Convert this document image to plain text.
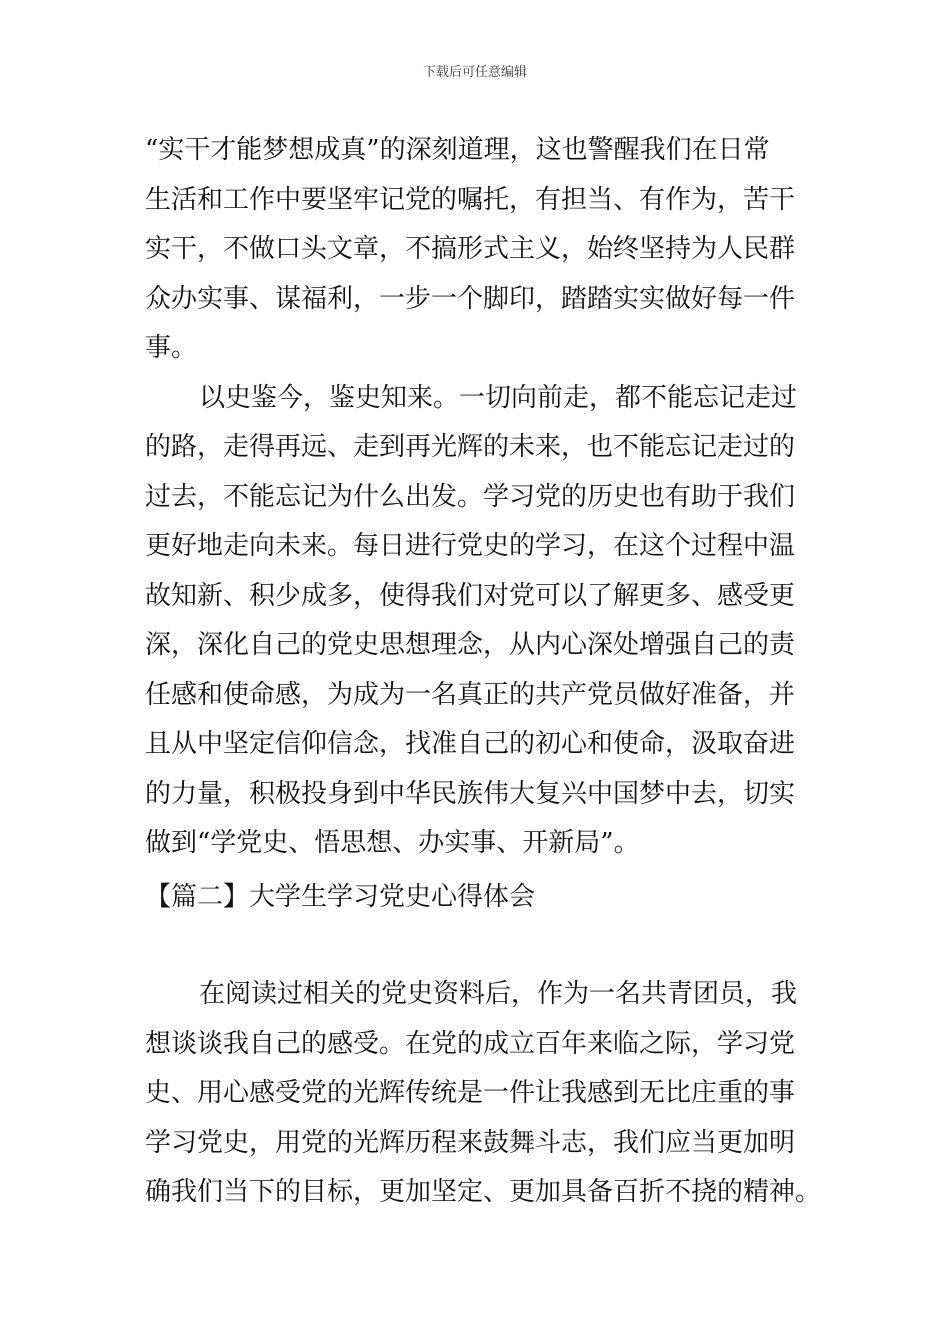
下载后可任意编辑
“实干才能梦想成真”的深刻道理，这也警醒我们在日常
生活和工作中要坚牢记党的嘱托，有担当、有作为，苦干
实干，不做口头文章，不搞形式主义，始终坚持为人民群
众办实事、谋福利，一步一个脚印，踏踏实实做好每一件
事。
以史鉴今，鉴史知来。一切向前走，都不能忘记走过
的路，走得再远、走到再光辉的未来，也不能忘记走过的
过去，不能忘记为什么出发。学习党的历史也有助于我们
更好地走向未来。每日进行党史的学习，在这个过程中温
故知新、积少成多，使得我们对党可以了解更多、感受更
深，深化自己的党史思想理念，从内心深处增强自己的责
任感和使命感，为成为一名真正的共产党员做好准备，并
且从中坚定信仰信念，找准自己的初心和使命，汲取奋进
的力量，积极投身到中华民族伟大复兴中国梦中去，切实
做到“学党史、悟思想、办实事、开新局”。
【篇二】大学生学习党史心得体会
在阅读过相关的党史资料后，作为一名共青团员，我
想谈谈我自己的感受。在党的成立百年来临之际，学习党
史、用心感受党的光辉传统是一件让我感到无比庄重的事
学习党史，用党的光辉历程来鼓舞斗志，我们应当更加明
确我们当下的目标，更加坚定、更加具备百折不挠的精神。
